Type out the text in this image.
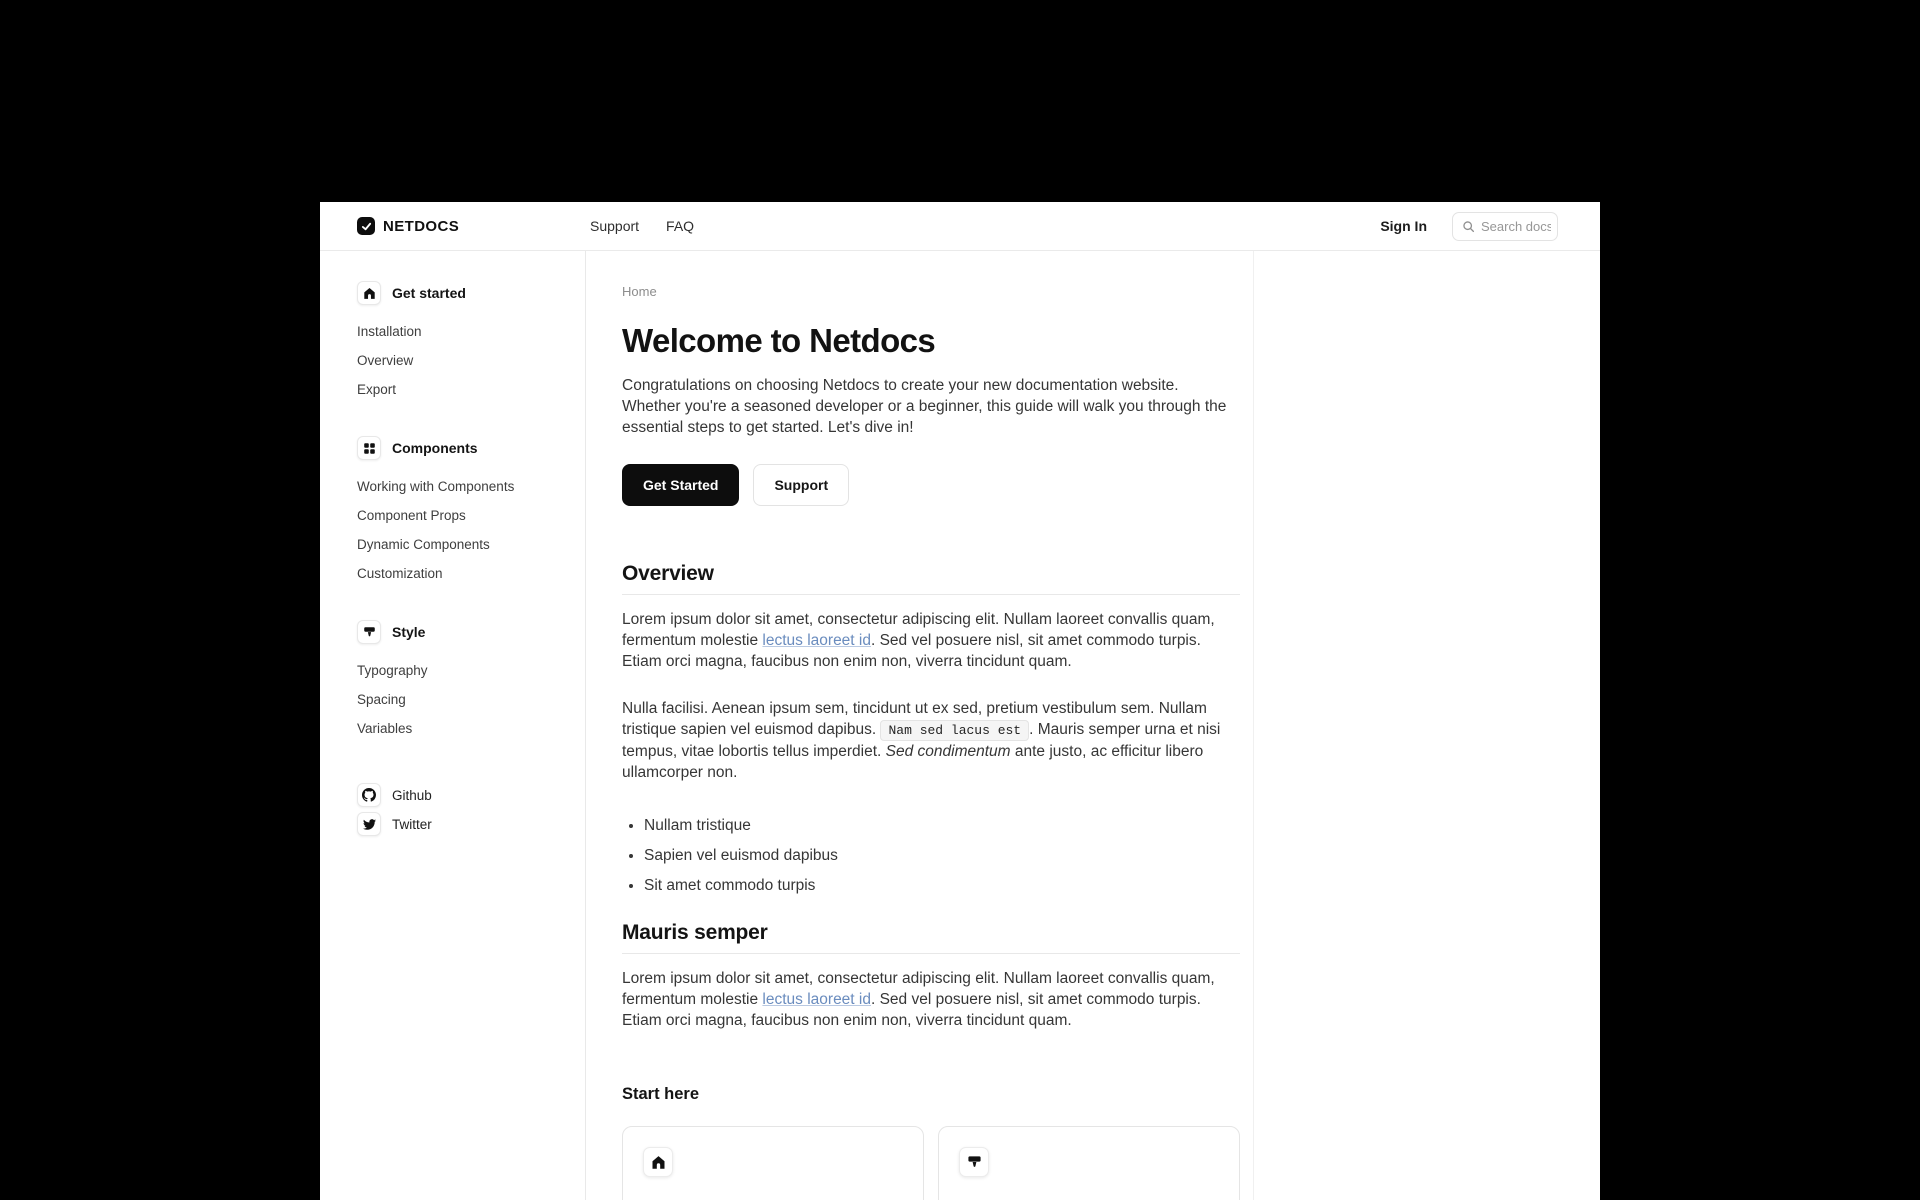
NETDOCS	Support FAQ	Sign In
Search docs
Get started
Installation
Overview
Export
Components
Working with Components
Component Props
Dynamic Components
Customization
Style
Typography
Spacing
Variables
Github
Twitter
Home
Welcome to Netdocs

Congratulations on choosing Netdocs to create your new documentation website. Whether you're a seasoned developer or a beginner, this guide will walk you through the essential steps to get started. Let's dive in!

Get Started	Support
Overview

Lorem ipsum dolor sit amet, consectetur adipiscing elit. Nullam laoreet convallis quam, fermentum molestie lectus laoreet id. Sed vel posuere nisl, sit amet commodo turpis. Etiam orci magna, faucibus non enim non, viverra tincidunt quam.

Nulla facilisi. Aenean ipsum sem, tincidunt ut ex sed, pretium vestibulum sem. Nullam tristique sapien vel euismod dapibus. Nam sed lacus est . Mauris semper urna et nisi tempus, vitae lobortis tellus imperdiet. Sed condimentum ante justo, ac efficitur libero ullamcorper non.

• Nullam tristique
• Sapien vel euismod dapibus
• Sit amet commodo turpis
Mauris semper

Lorem ipsum dolor sit amet, consectetur adipiscing elit. Nullam laoreet convallis quam, fermentum molestie lectus laoreet id. Sed vel posuere nisl, sit amet commodo turpis. Etiam orci magna, faucibus non enim non, viverra tincidunt quam.

Start here
